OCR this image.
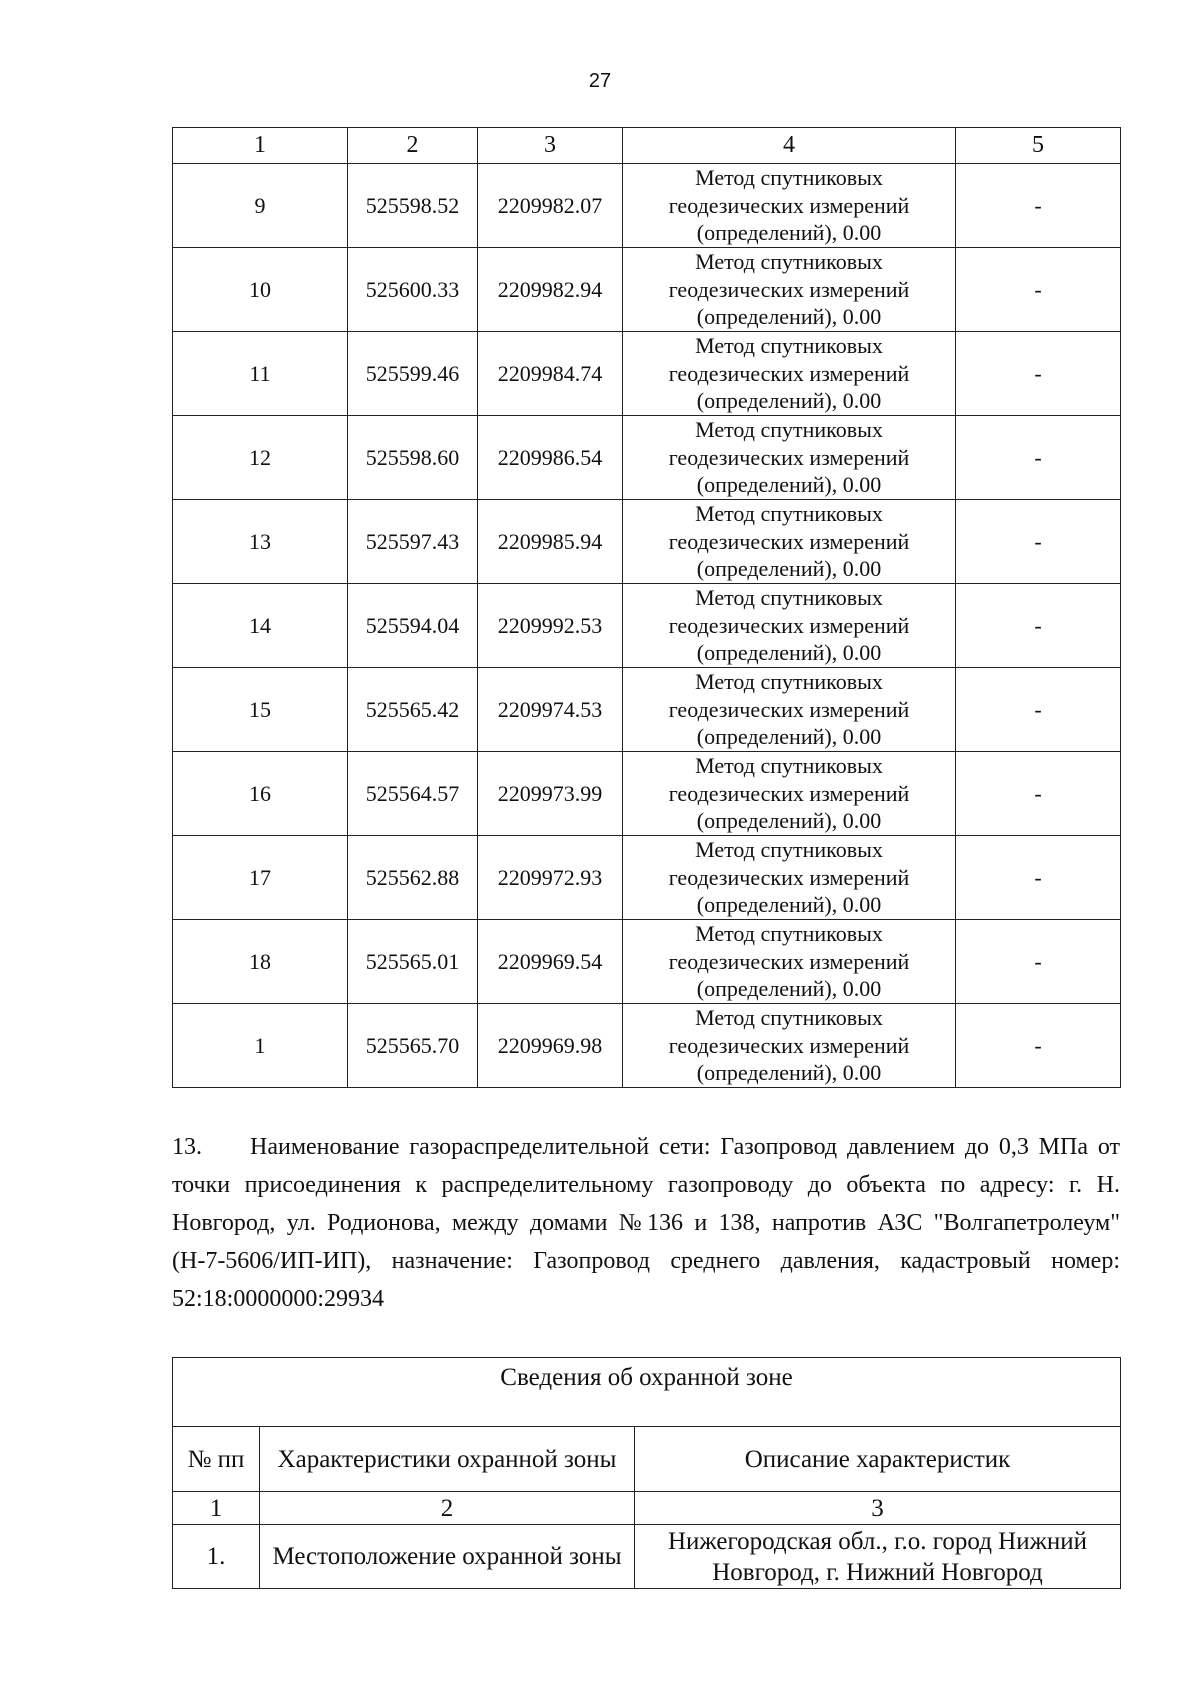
27
1	2	3	4	5
9	525598.52	2209982.07	Метод спутниковых
геодезических измерений
(определений), 0.00	-
10	525600.33	2209982.94	Метод спутниковых
геодезических измерений
(определений), 0.00	-
11	525599.46	2209984.74	Метод спутниковых
геодезических измерений
(определений), 0.00	-
12	525598.60	2209986.54	Метод спутниковых
геодезических измерений
(определений), 0.00	-
13	525597.43	2209985.94	Метод спутниковых
геодезических измерений
(определений), 0.00	-
14	525594.04	2209992.53	Метод спутниковых
геодезических измерений
(определений), 0.00	-
15	525565.42	2209974.53	Метод спутниковых
геодезических измерений
(определений), 0.00	-
16	525564.57	2209973.99	Метод спутниковых
геодезических измерений
(определений), 0.00	-
17	525562.88	2209972.93	Метод спутниковых
геодезических измерений
(определений), 0.00	-
18	525565.01	2209969.54	Метод спутниковых
геодезических измерений
(определений), 0.00	-
1	525565.70	2209969.98	Метод спутниковых
геодезических измерений
(определений), 0.00	-

13. Наименование газораспределительной сети: Газопровод давлением до 0,3 МПа от точки присоединения к распределительному газопроводу до объекта по адресу: г. Н. Новгород, ул. Родионова, между домами №136 и 138, напротив АЗС "Волгапетролеум" (Н-7-5606/ИП-ИП), назначение: Газопровод среднего давления, кадастровый номер: 52:18:0000000:29934

Сведения об охранной зоне		
№ пп	Характеристики охранной зоны	Описание характеристик
1	2	3
1.	Местоположение охранной зоны	Нижегородская обл., г.о. город Нижний Новгород, г. Нижний Новгород
